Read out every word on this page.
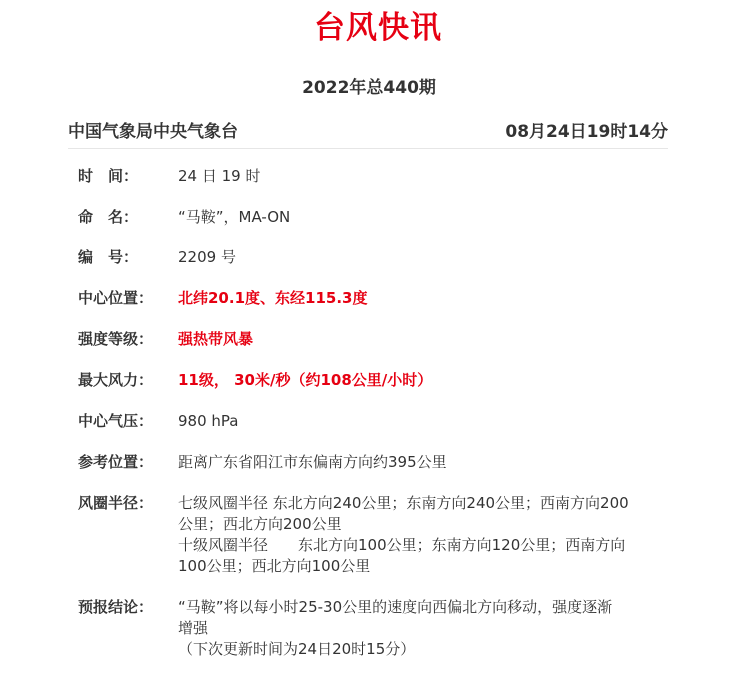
台风快讯
2022年总440期
中国气象局中央气象台	08月24日19时14分
时　间：	24 日 19 时
命　名：	“马鞍”，MA-ON
编　号：	2209 号
中心位置：	北纬20.1度、东经115.3度
强度等级：	强热带风暴
最大风力：	11级， 30米/秒（约108公里/小时）
中心气压：	980 hPa
参考位置：	距离广东省阳江市东偏南方向约395公里
风圈半径：	七级风圈半径 东北方向240公里；东南方向240公里；西南方向200
公里；西北方向200公里
十级风圈半径　　东北方向100公里；东南方向120公里；西南方向
100公里；西北方向100公里
预报结论：	“马鞍”将以每小时25-30公里的速度向西偏北方向移动，强度逐渐
增强
（下次更新时间为24日20时15分）
